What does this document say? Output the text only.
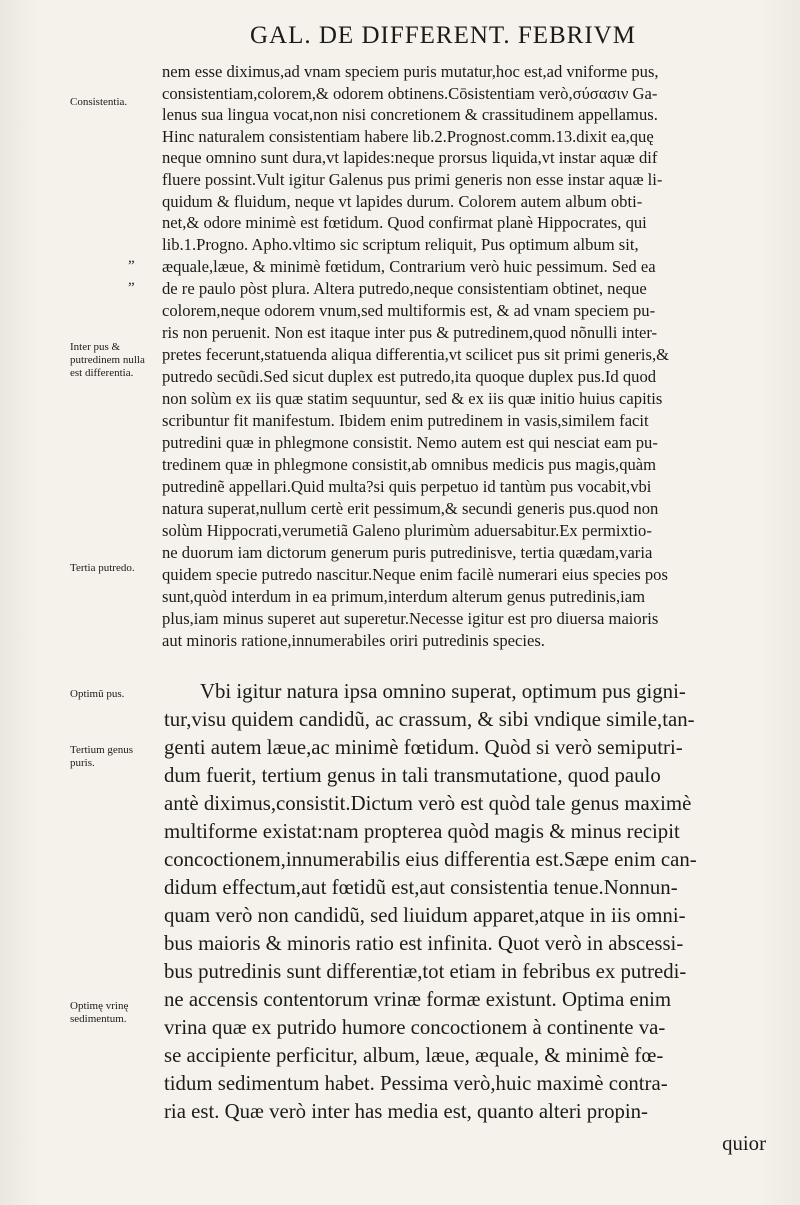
GAL. DE DIFFERENT. FEBRIVM
Consistentia.
„
„
Inter pus & putredinem nulla est differentia.
Tertia putredo.
Optimũ pus.
Tertium genus puris.
Optimę vrinę sedimentum.
nem esse diximus,ad vnam speciem puris mutatur,hoc est,ad vniforme pus,
consistentiam,colorem,& odorem obtinens.Cōsistentiam verò,σύσασιν Ga-
lenus sua lingua vocat,non nisi concretionem & crassitudinem appellamus.
Hinc naturalem consistentiam habere lib.2.Prognost.comm.13.dixit ea,quę
neque omnino sunt dura,vt lapides:neque prorsus liquida,vt instar aquæ dif
fluere possint.Vult igitur Galenus pus primi generis non esse instar aquæ li-
quidum & fluidum, neque vt lapides durum. Colorem autem album obti-
net,& odore minimè est fœtidum. Quod confirmat planè Hippocrates, qui
lib.1.Progno. Apho.vltimo sic scriptum reliquit, Pus optimum album sit,
æquale,læue, & minimè fœtidum, Contrarium verò huic pessimum. Sed ea
de re paulo pòst plura. Altera putredo,neque consistentiam obtinet, neque
colorem,neque odorem vnum,sed multiformis est, & ad vnam speciem pu-
ris non peruenit. Non est itaque inter pus & putredinem,quod nõnulli inter-
pretes fecerunt,statuenda aliqua differentia,vt scilicet pus sit primi generis,&
putredo secũdi.Sed sicut duplex est putredo,ita quoque duplex pus.Id quod
non solùm ex iis quæ statim sequuntur, sed & ex iis quæ initio huius capitis
scribuntur fit manifestum. Ibidem enim putredinem in vasis,similem facit
putredini quæ in phlegmone consistit. Nemo autem est qui nesciat eam pu-
tredinem quæ in phlegmone consistit,ab omnibus medicis pus magis,quàm
putredinẽ appellari.Quid multa?si quis perpetuo id tantùm pus vocabit,vbi
natura superat,nullum certè erit pessimum,& secundi generis pus.quod non
solùm Hippocrati,verumetiã Galeno plurimùm aduersabitur.Ex permixtio-
ne duorum iam dictorum generum puris putredinisve, tertia quædam,varia
quidem specie putredo nascitur.Neque enim facilè numerari eius species pos
sunt,quòd interdum in ea primum,interdum alterum genus putredinis,iam
plus,iam minus superet aut superetur.Necesse igitur est pro diuersa maioris
aut minoris ratione,innumerabiles oriri putredinis species.
Vbi igitur natura ipsa omnino superat, optimum pus gigni-
tur,visu quidem candidũ, ac crassum, & sibi vndique simile,tan-
genti autem læue,ac minimè fœtidum. Quòd si verò semiputri-
dum fuerit, tertium genus in tali transmutatione, quod paulo
antè diximus,consistit.Dictum verò est quòd tale genus maximè
multiforme existat:nam propterea quòd magis & minus recipit
concoctionem,innumerabilis eius differentia est.Sæpe enim can-
didum effectum,aut fœtidũ est,aut consistentia tenue.Nonnun-
quam verò non candidũ, sed liuidum apparet,atque in iis omni-
bus maioris & minoris ratio est infinita. Quot verò in abscessi-
bus putredinis sunt differentiæ,tot etiam in febribus ex putredi-
ne accensis contentorum vrinæ formæ existunt. Optima enim
vrina quæ ex putrido humore concoctionem à continente va-
se accipiente perficitur, album, læue, æquale, & minimè fœ-
tidum sedimentum habet. Pessima verò,huic maximè contra-
ria est. Quæ verò inter has media est, quanto alteri propin-
quior
